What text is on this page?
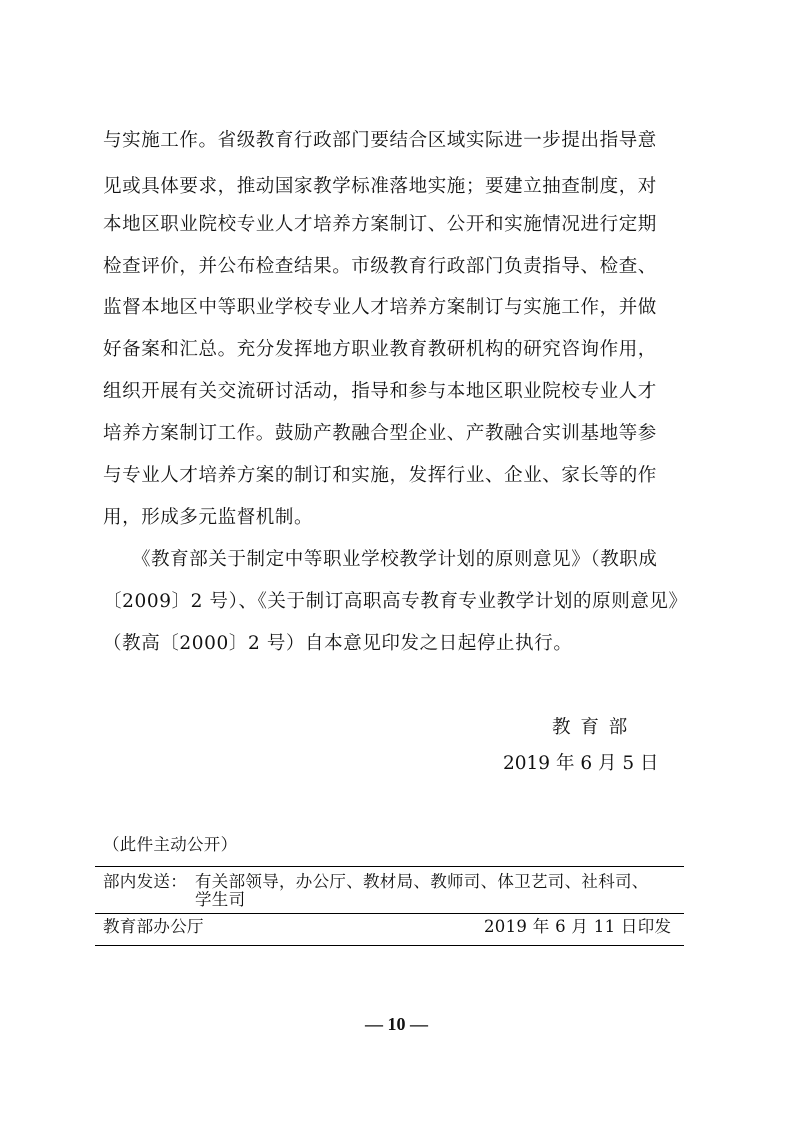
与实施工作。省级教育行政部门要结合区域实际进一步提出指导意
见或具体要求，推动国家教学标准落地实施；要建立抽查制度，对
本地区职业院校专业人才培养方案制订、公开和实施情况进行定期
检查评价，并公布检查结果。市级教育行政部门负责指导、检查、
监督本地区中等职业学校专业人才培养方案制订与实施工作，并做
好备案和汇总。充分发挥地方职业教育教研机构的研究咨询作用，
组织开展有关交流研讨活动，指导和参与本地区职业院校专业人才
培养方案制订工作。鼓励产教融合型企业、产教融合实训基地等参
与专业人才培养方案的制订和实施，发挥行业、企业、家长等的作
用，形成多元监督机制。
　　《教育部关于制定中等职业学校教学计划的原则意见》（教职成
〔2009〕2 号）、《关于制订高职高专教育专业教学计划的原则意见》
（教高〔2000〕2 号）自本意见印发之日起停止执行。
教 育 部
2019 年 6 月 5 日
（此件主动公开）
部内发送： 有关部领导，办公厅、教材局、教师司、体卫艺司、社科司、
学生司
教育部办公厅	2019 年 6 月 11 日印发
— 10 —
